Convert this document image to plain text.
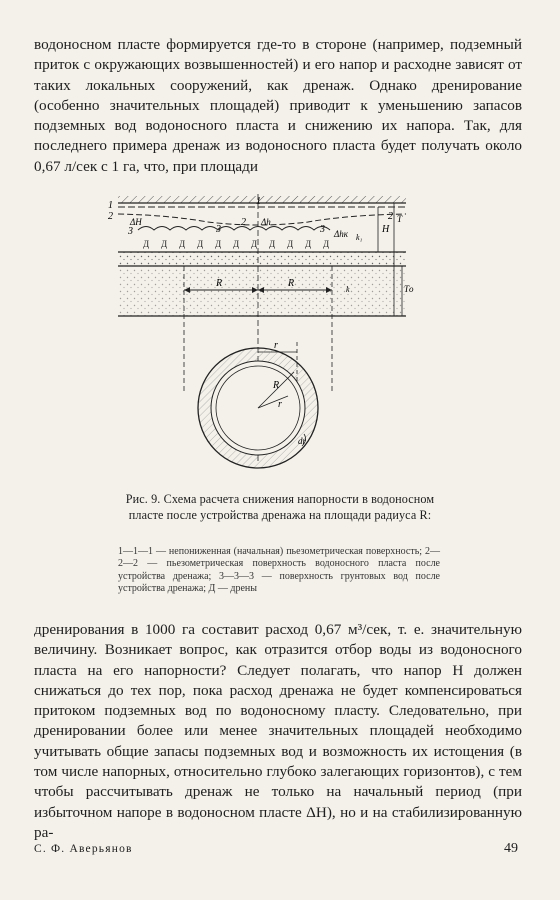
водоносном пласте формируется где-то в стороне (например, подземный приток с окружающих возвышенностей) и его напор и расходне зависят от таких локальных сооружений, как дренаж. Однако дренирование (особенно значительных площадей) приводит к уменьшению запасов подземных вод водоносного пласта и снижению их напора. Так, для последнего примера дренаж из водоносного пласта будет получать около 0,67 л/сек с 1 га, что, при площади

Д Д Д Д Д Д Д Д Д Д Д
1
2
1
2
3	3	3
2
ΔH	Δh
Δhк	H
T
Tо
k₁
k
R	R
r
R
r
dr

Рис. 9. Схема расчета снижения напорности в водоносном пласте после устройства дренажа на площади радиуса R:

1—1—1 — непониженная (начальная) пьезометрическая поверхность; 2—2—2 — пьезометрическая поверхность водоносного пласта после устройства дренажа; 3—3—3 — поверхность грунтовых вод после устройства дренажа; Д — дрены

дренирования в 1000 га составит расход 0,67 м³/сек, т. е. значительную величину. Возникает вопрос, как отразится отбор воды из водоносного пласта на его напорности? Следует полагать, что напор H должен снижаться до тех пор, пока расход дренажа не будет компенсироваться притоком подземных вод по водоносному пласту. Следовательно, при дренировании более или менее значительных площадей необходимо учитывать общие запасы подземных вод и возможность их истощения (в том числе напорных, относительно глубоко залегающих горизонтов), с тем чтобы рассчитывать дренаж не только на начальный период (при избыточном напоре в водоносном пласте ΔH), но и на стабилизированную ра-

С. Ф. Аверьянов	49
